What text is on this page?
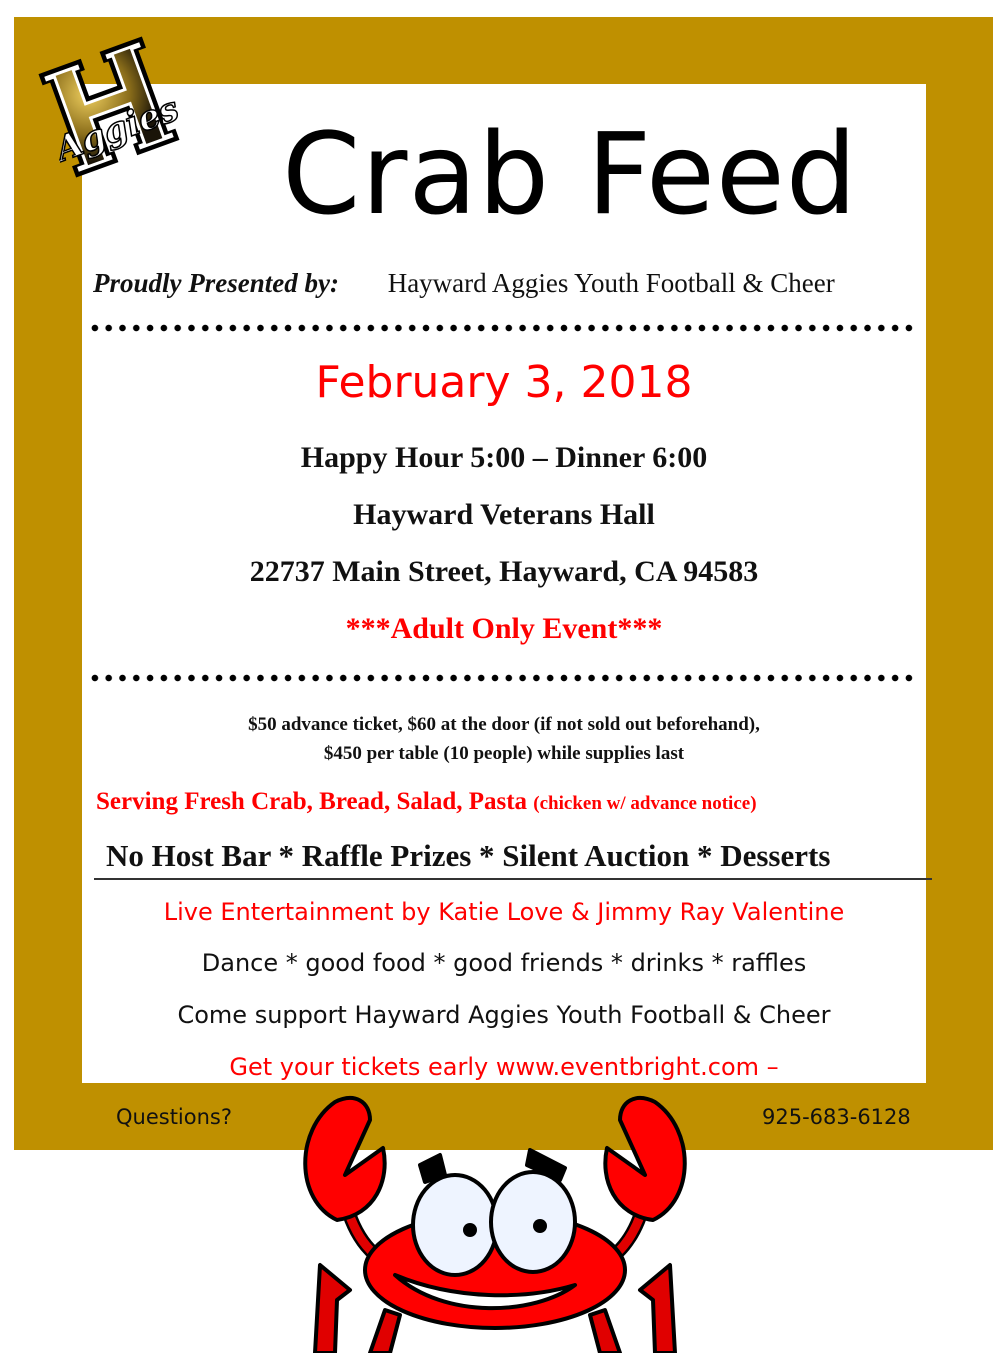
Aggies Crab Feed
Proudly Presented by: Hayward Aggies Youth Football & Cheer
February 3, 2018
Happy Hour 5:00 – Dinner 6:00
Hayward Veterans Hall
22737 Main Street, Hayward, CA 94583
***Adult Only Event***
$50 advance ticket, $60 at the door (if not sold out beforehand),
$450 per table (10 people) while supplies last
Serving Fresh Crab, Bread, Salad, Pasta (chicken w/ advance notice)
No Host Bar * Raffle Prizes * Silent Auction * Desserts
Live Entertainment by Katie Love & Jimmy Ray Valentine
Dance * good food * good friends * drinks * raffles
Come support Hayward Aggies Youth Football & Cheer
Get your tickets early www.eventbright.com –
Questions?	925-683-6128
